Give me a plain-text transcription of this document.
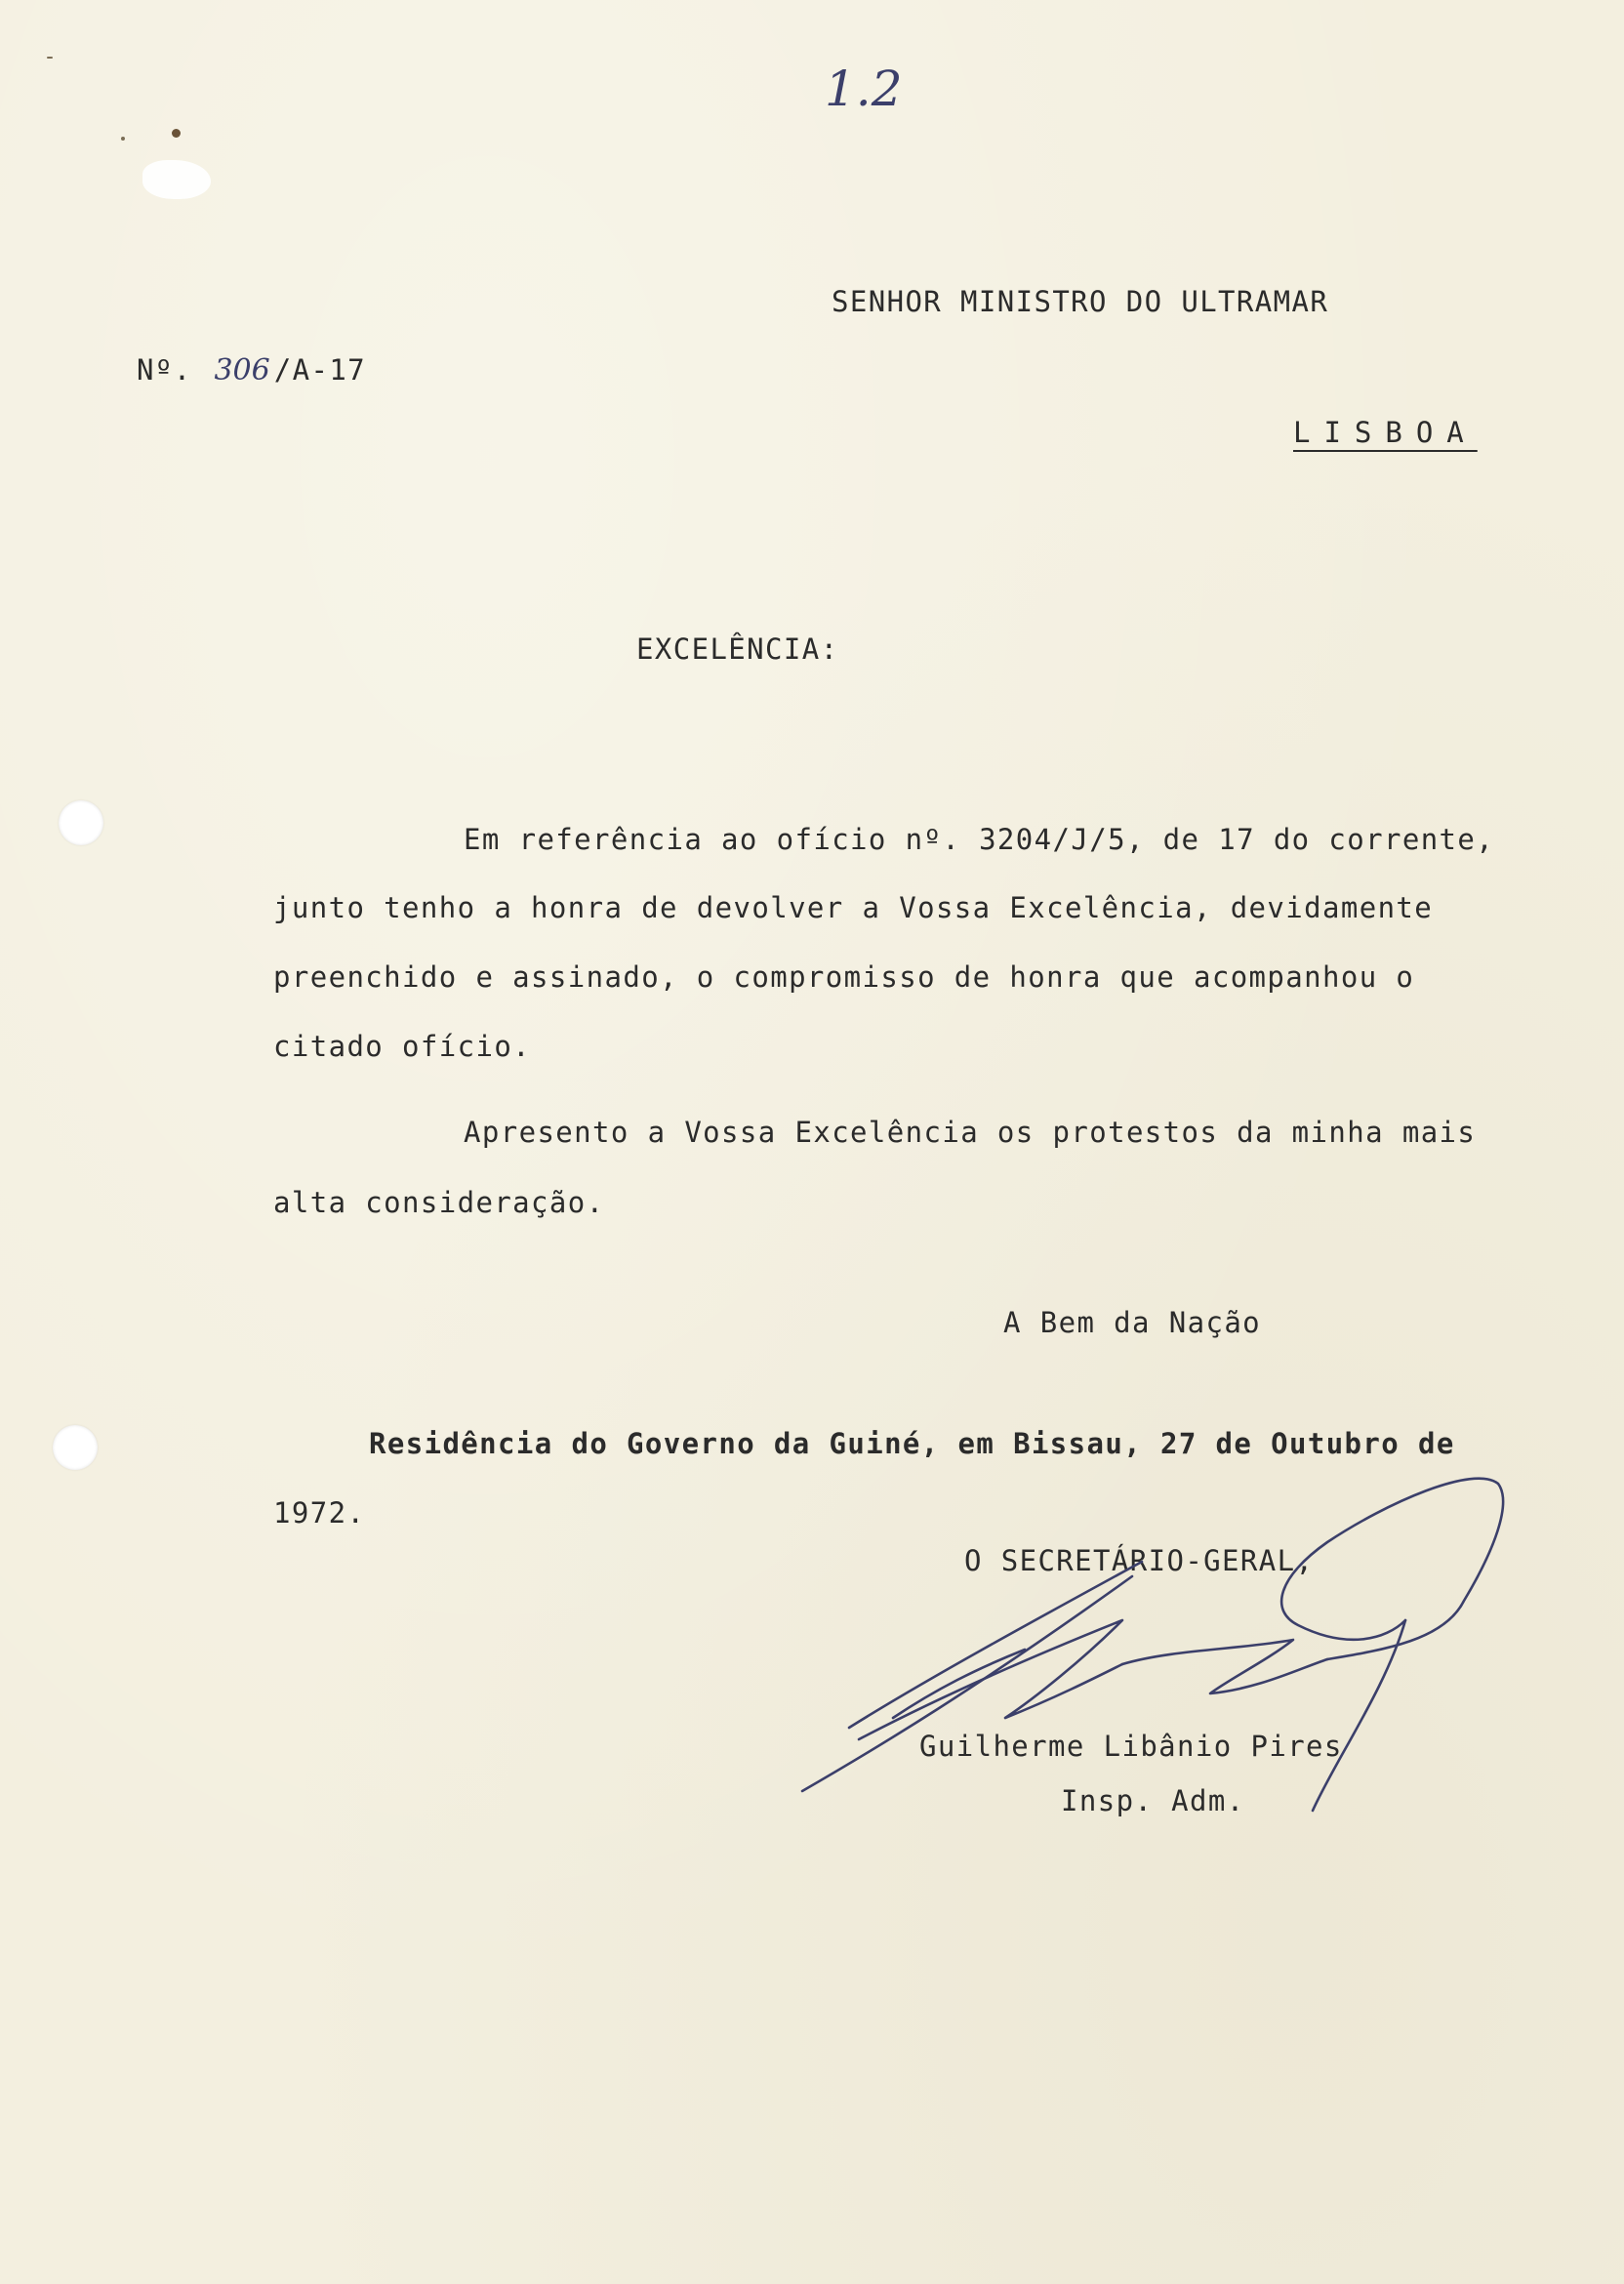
1.2
SENHOR MINISTRO DO ULTRAMAR
Nº. 306 /A-17
LISBOA
EXCELÊNCIA:
Em referência ao ofício nº. 3204/J/5, de 17 do corrente,
junto tenho a honra de devolver a Vossa Excelência, devidamente
preenchido e assinado, o compromisso de honra que acompanhou o
citado ofício.
Apresento a Vossa Excelência os protestos da minha mais
alta consideração.
A Bem da Nação
Residência do Governo da Guiné, em Bissau, 27 de Outubro de
1972.
O SECRETÁRIO-GERAL,
Guilherme Libânio Pires
Insp. Adm.
